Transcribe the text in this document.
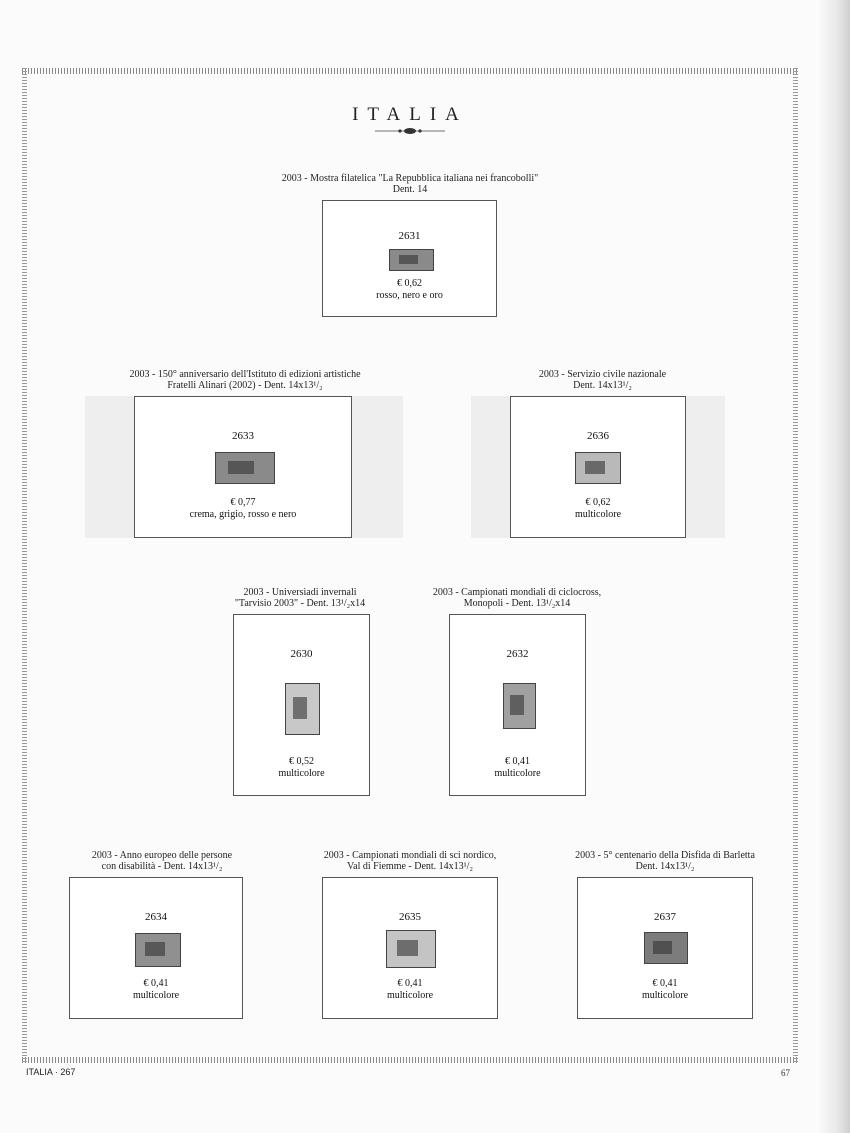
ITALIA
2003 - Mostra filatelica "La Repubblica italiana nei francobolli"
Dent. 14
2631
€ 0,62
rosso, nero e oro
2003 - 150° anniversario dell'Istituto di edizioni artistiche
Fratelli Alinari (2002) - Dent. 14x13¹/₂
2633
€ 0,77
crema, grigio, rosso e nero
2003 - Servizio civile nazionale
Dent. 14x13¹/₂
2636
€ 0,62
multicolore
2003 - Universiadi invernali
"Tarvisio 2003" - Dent. 13¹/₂x14
2630
€ 0,52
multicolore
2003 - Campionati mondiali di ciclocross,
Monopoli - Dent. 13¹/₂x14
2632
€ 0,41
multicolore
2003 - Anno europeo delle persone
con disabilità - Dent. 14x13¹/₂
2634
€ 0,41
multicolore
2003 - Campionati mondiali di sci nordico,
Val di Fiemme - Dent. 14x13¹/₂
2635
€ 0,41
multicolore
2003 - 5° centenario della Disfida di Barletta
Dent. 14x13¹/₂
2637
€ 0,41
multicolore
ITALIA · 267	67
